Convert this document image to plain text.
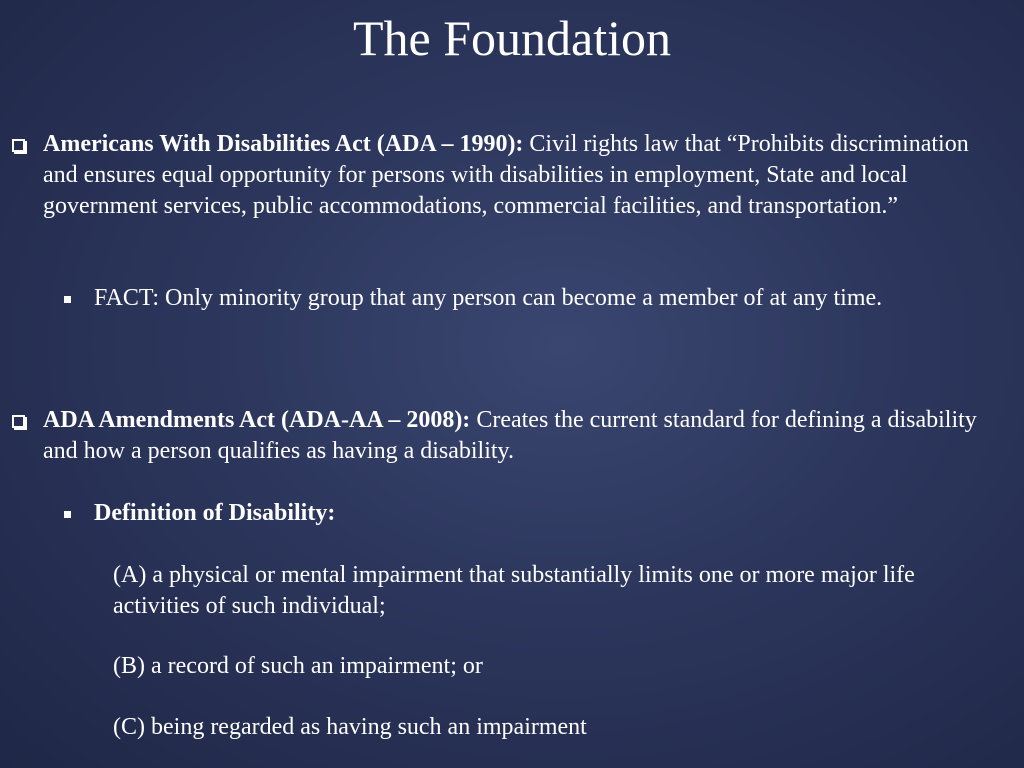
The Foundation
Americans With Disabilities Act (ADA – 1990): Civil rights law that “Prohibits discrimination and ensures equal opportunity for persons with disabilities in employment, State and local government services, public accommodations, commercial facilities, and transportation.”
FACT: Only minority group that any person can become a member of at any time.
ADA Amendments Act (ADA-AA – 2008): Creates the current standard for defining a disability and how a person qualifies as having a disability.
Definition of Disability:
(A) a physical or mental impairment that substantially limits one or more major life activities of such individual;
(B) a record of such an impairment; or
(C) being regarded as having such an impairment
